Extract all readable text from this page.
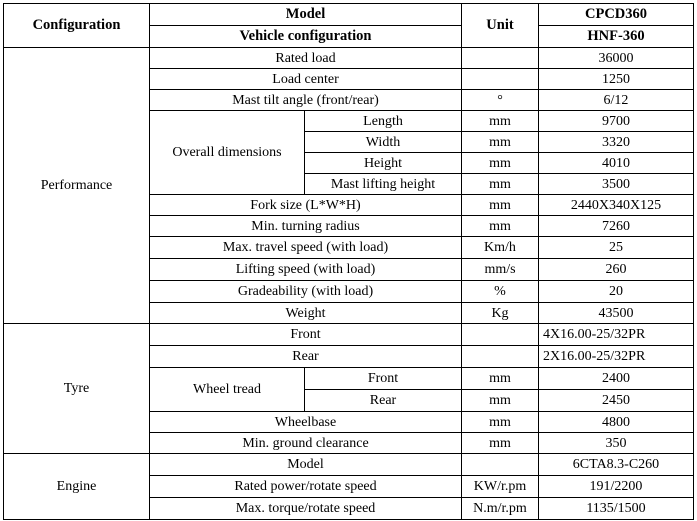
Configuration	Model		Unit	CPCD360
	Vehicle configuration			HNF-360
Performance	Rated load			36000
	Load center			1250
	Mast tilt angle (front/rear)		°	6/12
	Overall dimensions	Length	mm	9700
		Width	mm	3320
		Height	mm	4010
		Mast lifting height	mm	3500
	Fork size (L*W*H)		mm	2440X340X125
	Min. turning radius		mm	7260
	Max. travel speed (with load)		Km/h	25
	Lifting speed (with load)		mm/s	260
	Gradeability (with load)		%	20
	Weight		Kg	43500
Tyre	Front			4X16.00-25/32PR
	Rear			2X16.00-25/32PR
	Wheel tread	Front	mm	2400
		Rear	mm	2450
	Wheelbase		mm	4800
	Min. ground clearance		mm	350
Engine	Model			6CTA8.3-C260
	Rated power/rotate speed		KW/r.pm	191/2200
	Max. torque/rotate speed		N.m/r.pm	1135/1500
